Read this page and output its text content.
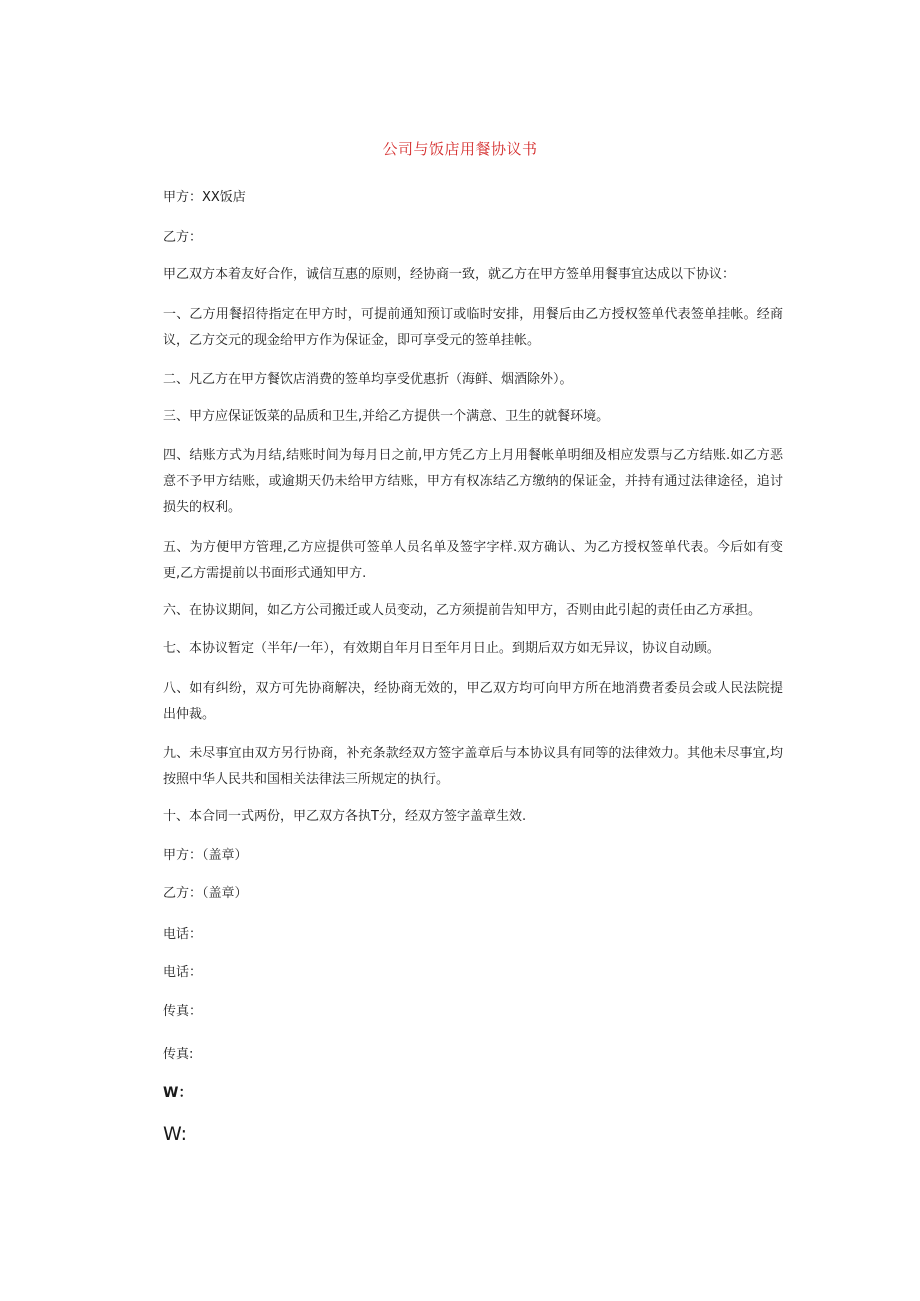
公司与饭店用餐协议书
甲方：XX饭店
乙方：
甲乙双方本着友好合作，诚信互惠的原则，经协商一致，就乙方在甲方签单用餐事宜达成以下协议：
一、乙方用餐招待指定在甲方时，可提前通知预订或临时安排，用餐后由乙方授权签单代表签单挂帐。经商议，乙方交元的现金给甲方作为保证金，即可享受元的签单挂帐。
二、凡乙方在甲方餐饮店消费的签单均享受优惠折（海鲜、烟酒除外）。
三、甲方应保证饭菜的品质和卫生,并给乙方提供一个满意、卫生的就餐环境。
四、结账方式为月结,结账时间为每月日之前,甲方凭乙方上月用餐帐单明细及相应发票与乙方结账.如乙方恶意不予甲方结账，或逾期天仍未给甲方结账，甲方有权冻结乙方缴纳的保证金，并持有通过法律途径，追讨损失的权利。
五、为方便甲方管理,乙方应提供可签单人员名单及签字字样.双方确认、为乙方授权签单代表。今后如有变更,乙方需提前以书面形式通知甲方.
六、在协议期间，如乙方公司搬迁或人员变动，乙方须提前告知甲方，否则由此引起的责任由乙方承担。
七、本协议暂定（半年/一年），有效期自年月日至年月日止。到期后双方如无异议，协议自动顾。
八、如有纠纷，双方可先协商解决，经协商无效的，甲乙双方均可向甲方所在地消费者委员会或人民法院提出仲裁。
九、未尽事宜由双方另行协商，补充条款经双方签字盖章后与本协议具有同等的法律效力。其他未尽事宜,均按照中华人民共和国相关法律法三所规定的执行。
十、本合同一式两份，甲乙双方各执T分，经双方签字盖章生效.
甲方：（盖章）
乙方：（盖章）
电话：
电话：
传真：
传真:
W：
W:
